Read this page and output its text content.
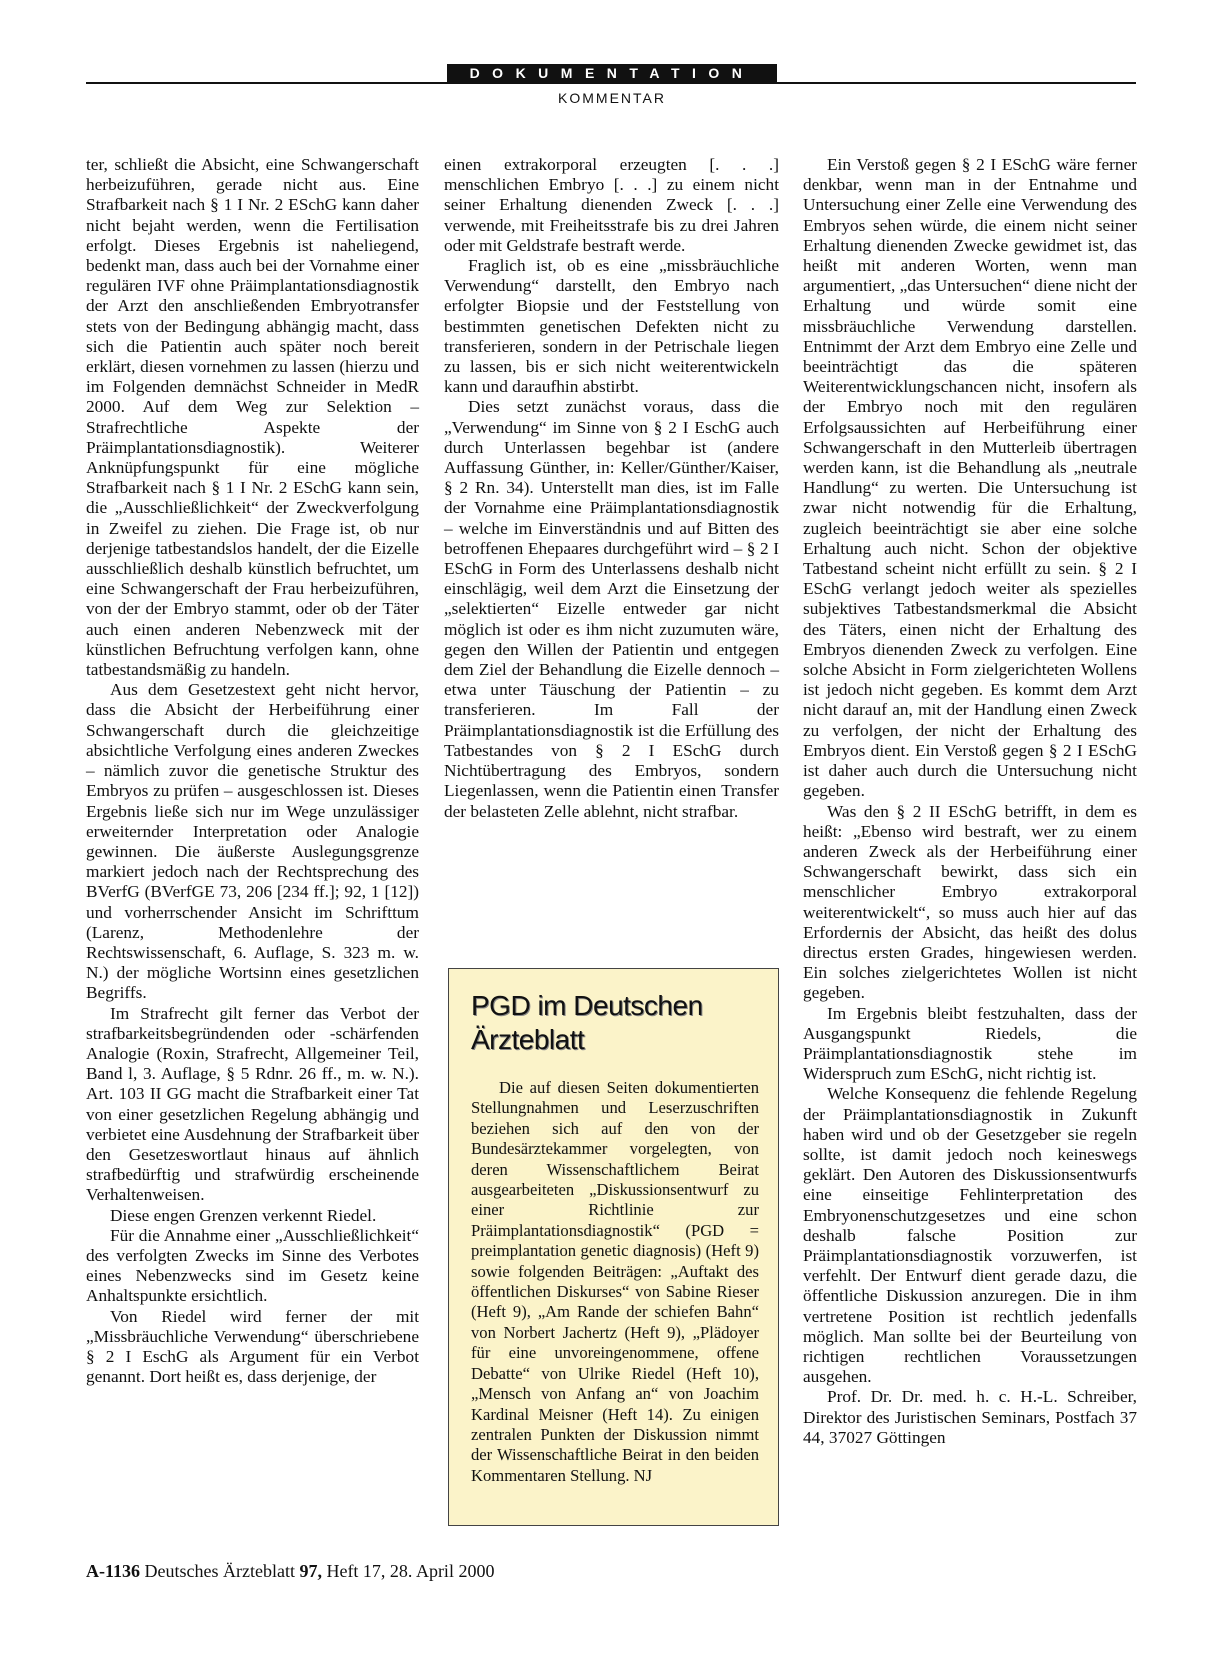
DOKUMENTATION
KOMMENTAR

ter, schließt die Absicht, eine Schwangerschaft herbeizuführen, gerade nicht aus. Eine Strafbarkeit nach § 1 I Nr. 2 ESchG kann daher nicht bejaht werden, wenn die Fertilisation erfolgt. Dieses Ergebnis ist naheliegend, bedenkt man, dass auch bei der Vornahme einer regulären IVF ohne Präimplantationsdiagnostik der Arzt den anschließenden Embryotransfer stets von der Bedingung abhängig macht, dass sich die Patientin auch später noch bereit erklärt, diesen vornehmen zu lassen (hierzu und im Folgenden demnächst Schneider in MedR 2000. Auf dem Weg zur Selektion – Strafrechtliche Aspekte der Präimplantationsdiagnostik). Weiterer Anknüpfungspunkt für eine mögliche Strafbarkeit nach § 1 I Nr. 2 ESchG kann sein, die „Ausschließlichkeit“ der Zweckverfolgung in Zweifel zu ziehen. Die Frage ist, ob nur derjenige tatbestandslos handelt, der die Eizelle ausschließlich deshalb künstlich befruchtet, um eine Schwangerschaft der Frau herbeizuführen, von der der Embryo stammt, oder ob der Täter auch einen anderen Nebenzweck mit der künstlichen Befruchtung verfolgen kann, ohne tatbestandsmäßig zu handeln.

Aus dem Gesetzestext geht nicht hervor, dass die Absicht der Herbeiführung einer Schwangerschaft durch die gleichzeitige absichtliche Verfolgung eines anderen Zweckes – nämlich zuvor die genetische Struktur des Embryos zu prüfen – ausgeschlossen ist. Dieses Ergebnis ließe sich nur im Wege unzulässiger erweiternder Interpretation oder Analogie gewinnen. Die äußerste Auslegungsgrenze markiert jedoch nach der Rechtsprechung des BVerfG (BVerfGE 73, 206 [234 ff.]; 92, 1 [12]) und vorherrschender Ansicht im Schrifttum (Larenz, Methodenlehre der Rechtswissenschaft, 6. Auflage, S. 323 m. w. N.) der mögliche Wortsinn eines gesetzlichen Begriffs.

Im Strafrecht gilt ferner das Verbot der strafbarkeitsbegründenden oder -schärfenden Analogie (Roxin, Strafrecht, Allgemeiner Teil, Band l, 3. Auflage, § 5 Rdnr. 26 ff., m. w. N.). Art. 103 II GG macht die Strafbarkeit einer Tat von einer gesetzlichen Regelung abhängig und verbietet eine Ausdehnung der Strafbarkeit über den Gesetzeswortlaut hinaus auf ähnlich strafbedürftig und strafwürdig erscheinende Verhaltenweisen.

Diese engen Grenzen verkennt Riedel.

Für die Annahme einer „Ausschließlichkeit“ des verfolgten Zwecks im Sinne des Verbotes eines Nebenzwecks sind im Gesetz keine Anhaltspunkte ersichtlich.

Von Riedel wird ferner der mit „Missbräuchliche Verwendung“ überschriebene § 2 I EschG als Argument für ein Verbot genannt. Dort heißt es, dass derjenige, der

einen extrakorporal erzeugten [. . .] menschlichen Embryo [. . .] zu einem nicht seiner Erhaltung dienenden Zweck [. . .] verwende, mit Freiheitsstrafe bis zu drei Jahren oder mit Geldstrafe bestraft werde.

Fraglich ist, ob es eine „missbräuchliche Verwendung“ darstellt, den Embryo nach erfolgter Biopsie und der Feststellung von bestimmten genetischen Defekten nicht zu transferieren, sondern in der Petrischale liegen zu lassen, bis er sich nicht weiterentwickeln kann und daraufhin abstirbt.

Dies setzt zunächst voraus, dass die „Verwendung“ im Sinne von § 2 I EschG auch durch Unterlassen begehbar ist (andere Auffassung Günther, in: Keller/Günther/Kaiser, § 2 Rn. 34). Unterstellt man dies, ist im Falle der Vornahme eine Präimplantationsdiagnostik – welche im Einverständnis und auf Bitten des betroffenen Ehepaares durchgeführt wird – § 2 I ESchG in Form des Unterlassens deshalb nicht einschlägig, weil dem Arzt die Einsetzung der „selektierten“ Eizelle entweder gar nicht möglich ist oder es ihm nicht zuzumuten wäre, gegen den Willen der Patientin und entgegen dem Ziel der Behandlung die Eizelle dennoch – etwa unter Täuschung der Patientin – zu transferieren. Im Fall der Präimplantationsdiagnostik ist die Erfüllung des Tatbestandes von § 2 I ESchG durch Nichtübertragung des Embryos, sondern Liegenlassen, wenn die Patientin einen Transfer der belasteten Zelle ablehnt, nicht strafbar.

PGD im Deutschen Ärzteblatt
Die auf diesen Seiten dokumentierten Stellungnahmen und Leserzuschriften beziehen sich auf den von der Bundesärztekammer vorgelegten, von deren Wissenschaftlichem Beirat ausgearbeiteten „Diskussionsentwurf zu einer Richtlinie zur Präimplantationsdiagnostik“ (PGD = preimplantation genetic diagnosis) (Heft 9) sowie folgenden Beiträgen: „Auftakt des öffentlichen Diskurses“ von Sabine Rieser (Heft 9), „Am Rande der schiefen Bahn“ von Norbert Jachertz (Heft 9), „Plädoyer für eine unvoreingenommene, offene Debatte“ von Ulrike Riedel (Heft 10), „Mensch von Anfang an“ von Joachim Kardinal Meisner (Heft 14). Zu einigen zentralen Punkten der Diskussion nimmt der Wissenschaftliche Beirat in den beiden Kommentaren Stellung. NJ

Ein Verstoß gegen § 2 I ESchG wäre ferner denkbar, wenn man in der Entnahme und Untersuchung einer Zelle eine Verwendung des Embryos sehen würde, die einem nicht seiner Erhaltung dienenden Zwecke gewidmet ist, das heißt mit anderen Worten, wenn man argumentiert, „das Untersuchen“ diene nicht der Erhaltung und würde somit eine missbräuchliche Verwendung darstellen. Entnimmt der Arzt dem Embryo eine Zelle und beeinträchtigt das die späteren Weiterentwicklungschancen nicht, insofern als der Embryo noch mit den regulären Erfolgsaussichten auf Herbeiführung einer Schwangerschaft in den Mutterleib übertragen werden kann, ist die Behandlung als „neutrale Handlung“ zu werten. Die Untersuchung ist zwar nicht notwendig für die Erhaltung, zugleich beeinträchtigt sie aber eine solche Erhaltung auch nicht. Schon der objektive Tatbestand scheint nicht erfüllt zu sein. § 2 I ESchG verlangt jedoch weiter als spezielles subjektives Tatbestandsmerkmal die Absicht des Täters, einen nicht der Erhaltung des Embryos dienenden Zweck zu verfolgen. Eine solche Absicht in Form zielgerichteten Wollens ist jedoch nicht gegeben. Es kommt dem Arzt nicht darauf an, mit der Handlung einen Zweck zu verfolgen, der nicht der Erhaltung des Embryos dient. Ein Verstoß gegen § 2 I ESchG ist daher auch durch die Untersuchung nicht gegeben.

Was den § 2 II ESchG betrifft, in dem es heißt: „Ebenso wird bestraft, wer zu einem anderen Zweck als der Herbeiführung einer Schwangerschaft bewirkt, dass sich ein menschlicher Embryo extrakorporal weiterentwickelt“, so muss auch hier auf das Erfordernis der Absicht, das heißt des dolus directus ersten Grades, hingewiesen werden. Ein solches zielgerichtetes Wollen ist nicht gegeben.

Im Ergebnis bleibt festzuhalten, dass der Ausgangspunkt Riedels, die Präimplantationsdiagnostik stehe im Widerspruch zum ESchG, nicht richtig ist.

Welche Konsequenz die fehlende Regelung der Präimplantationsdiagnostik in Zukunft haben wird und ob der Gesetzgeber sie regeln sollte, ist damit jedoch noch keineswegs geklärt. Den Autoren des Diskussionsentwurfs eine einseitige Fehlinterpretation des Embryonenschutzgesetzes und eine schon deshalb falsche Position zur Präimplantationsdiagnostik vorzuwerfen, ist verfehlt. Der Entwurf dient gerade dazu, die öffentliche Diskussion anzuregen. Die in ihm vertretene Position ist rechtlich jedenfalls möglich. Man sollte bei der Beurteilung von richtigen rechtlichen Voraussetzungen ausgehen.

Prof. Dr. Dr. med. h. c. H.-L. Schreiber, Direktor des Juristischen Seminars, Postfach 37 44, 37027 Göttingen

A-1136 Deutsches Ärzteblatt 97, Heft 17, 28. April 2000
